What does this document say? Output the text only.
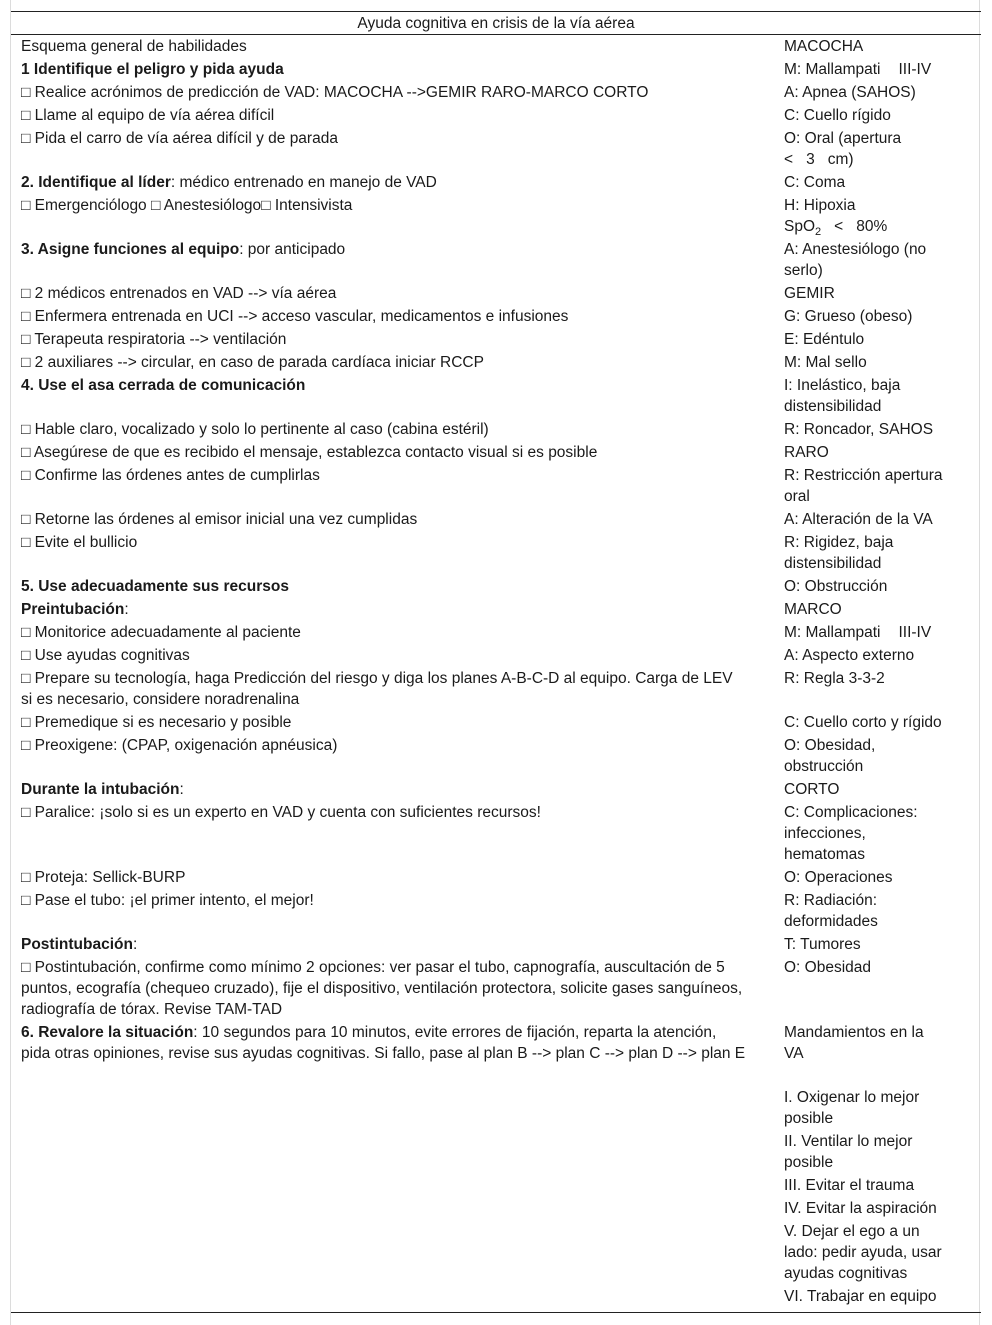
Ayuda cognitiva en crisis de la vía aérea
Esquema general de habilidades
1 Identifique el peligro y pida ayuda
□ Realice acrónimos de predicción de VAD: MACOCHA -->GEMIR RARO-MARCO CORTO
□ Llame al equipo de vía aérea difícil
□ Pida el carro de vía aérea difícil y de parada
2. Identifique al líder: médico entrenado en manejo de VAD
□ Emergenciólogo □ Anestesiólogo□ Intensivista
3. Asigne funciones al equipo: por anticipado
□ 2 médicos entrenados en VAD --> vía aérea
□ Enfermera entrenada en UCI --> acceso vascular, medicamentos e infusiones
□ Terapeuta respiratoria --> ventilación
□ 2 auxiliares --> circular, en caso de parada cardíaca iniciar RCCP
4. Use el asa cerrada de comunicación
□ Hable claro, vocalizado y solo lo pertinente al caso (cabina estéril)
□ Asegúrese de que es recibido el mensaje, establezca contacto visual si es posible
□ Confirme las órdenes antes de cumplirlas
□ Retorne las órdenes al emisor inicial una vez cumplidas
□ Evite el bullicio
5. Use adecuadamente sus recursos
Preintubación:
□ Monitorice adecuadamente al paciente
□ Use ayudas cognitivas
□ Prepare su tecnología, haga Predicción del riesgo y diga los planes A-B-C-D al equipo. Carga de LEV si es necesario, considere noradrenalina
□ Premedique si es necesario y posible
□ Preoxigene: (CPAP, oxigenación apnéusica)
Durante la intubación:
□ Paralice: ¡solo si es un experto en VAD y cuenta con suficientes recursos!
□ Proteja: Sellick-BURP
□ Pase el tubo: ¡el primer intento, el mejor!
Postintubación:
□ Postintubación, confirme como mínimo 2 opciones: ver pasar el tubo, capnografía, auscultación de 5 puntos, ecografía (chequeo cruzado), fije el dispositivo, ventilación protectora, solicite gases sanguíneos, radiografía de tórax. Revise TAM-TAD
6. Revalore la situación: 10 segundos para 10 minutos, evite errores de fijación, reparta la atención, pida otras opiniones, revise sus ayudas cognitivas. Si fallo, pase al plan B --> plan C --> plan D --> plan E
MACOCHA
M: Mallampati III-IV
A: Apnea (SAHOS)
C: Cuello rígido
O: Oral (apertura
< 3 cm)
C: Coma
H: Hipoxia
SpO$_2$ < 80%
A: Anestesiólogo (no serlo)
GEMIR
G: Grueso (obeso)
E: Edéntulo
M: Mal sello
I: Inelástico, baja distensibilidad
R: Roncador, SAHOS
RARO
R: Restricción apertura oral
A: Alteración de la VA
R: Rigidez, baja distensibilidad
O: Obstrucción
MARCO
M: Mallampati III-IV
A: Aspecto externo
R: Regla 3-3-2
C: Cuello corto y rígido
O: Obesidad, obstrucción
CORTO
C: Complicaciones: infecciones, hematomas
O: Operaciones
R: Radiación: deformidades
T: Tumores
O: Obesidad
Mandamientos en la VA
I. Oxigenar lo mejor posible
II. Ventilar lo mejor posible
III. Evitar el trauma
IV. Evitar la aspiración
V. Dejar el ego a un lado: pedir ayuda, usar ayudas cognitivas
VI. Trabajar en equipo
